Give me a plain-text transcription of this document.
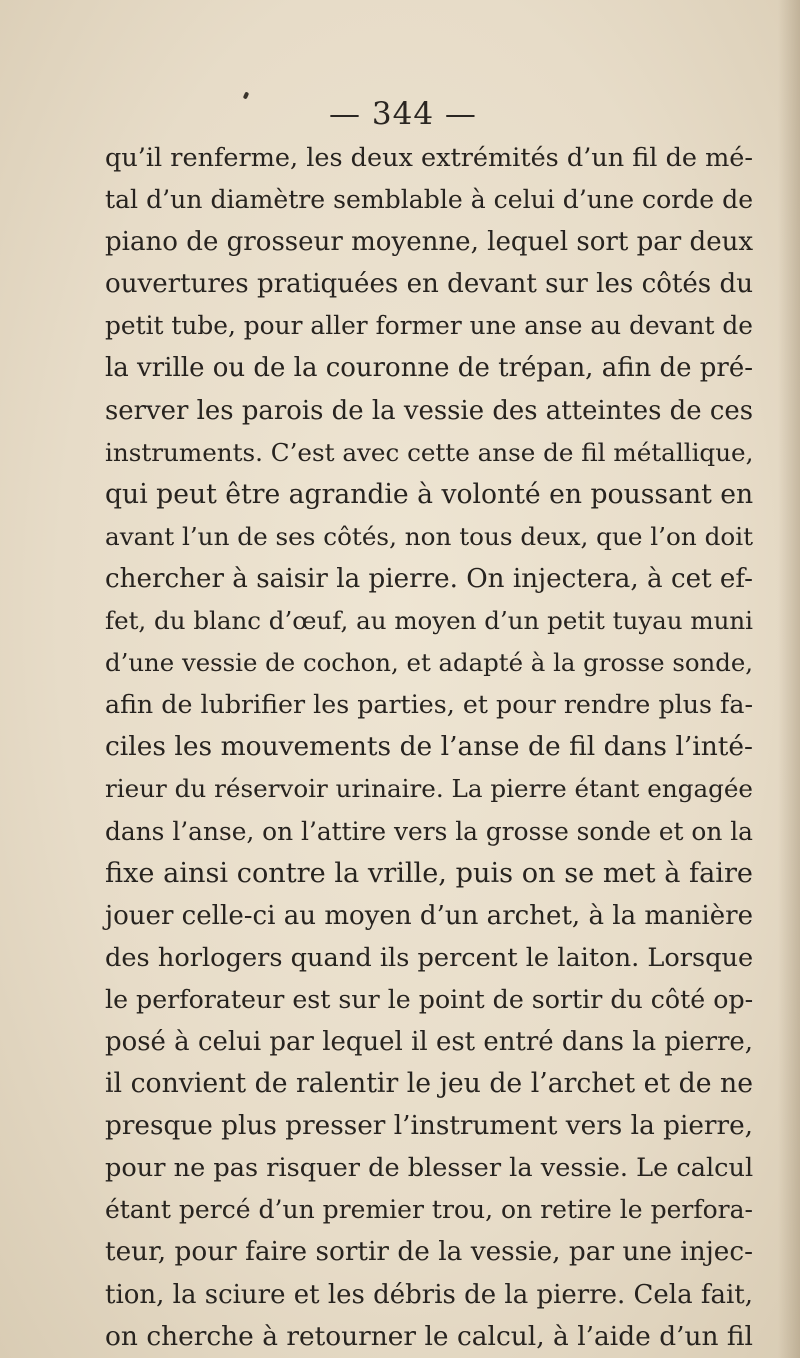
— 344 —
qu’il renferme, les deux extrémités d’un fil de mé-
tal d’un diamètre semblable à celui d’une corde de
piano de grosseur moyenne, lequel sort par deux
ouvertures pratiquées en devant sur les côtés du
petit tube, pour aller former une anse au devant de
la vrille ou de la couronne de trépan, afin de pré-
server les parois de la vessie des atteintes de ces
instruments. C’est avec cette anse de fil métallique,
qui peut être agrandie à volonté en poussant en
avant l’un de ses côtés, non tous deux, que l’on doit
chercher à saisir la pierre. On injectera, à cet ef-
fet, du blanc d’œuf, au moyen d’un petit tuyau muni
d’une vessie de cochon, et adapté à la grosse sonde,
afin de lubrifier les parties, et pour rendre plus fa-
ciles les mouvements de l’anse de fil dans l’inté-
rieur du réservoir urinaire. La pierre étant engagée
dans l’anse, on l’attire vers la grosse sonde et on la
fixe ainsi contre la vrille, puis on se met à faire
jouer celle-ci au moyen d’un archet, à la manière
des horlogers quand ils percent le laiton. Lorsque
le perforateur est sur le point de sortir du côté op-
posé à celui par lequel il est entré dans la pierre,
il convient de ralentir le jeu de l’archet et de ne
presque plus presser l’instrument vers la pierre,
pour ne pas risquer de blesser la vessie. Le calcul
étant percé d’un premier trou, on retire le perfora-
teur, pour faire sortir de la vessie, par une injec-
tion, la sciure et les débris de la pierre. Cela fait,
on cherche à retourner le calcul, à l’aide d’un fil
